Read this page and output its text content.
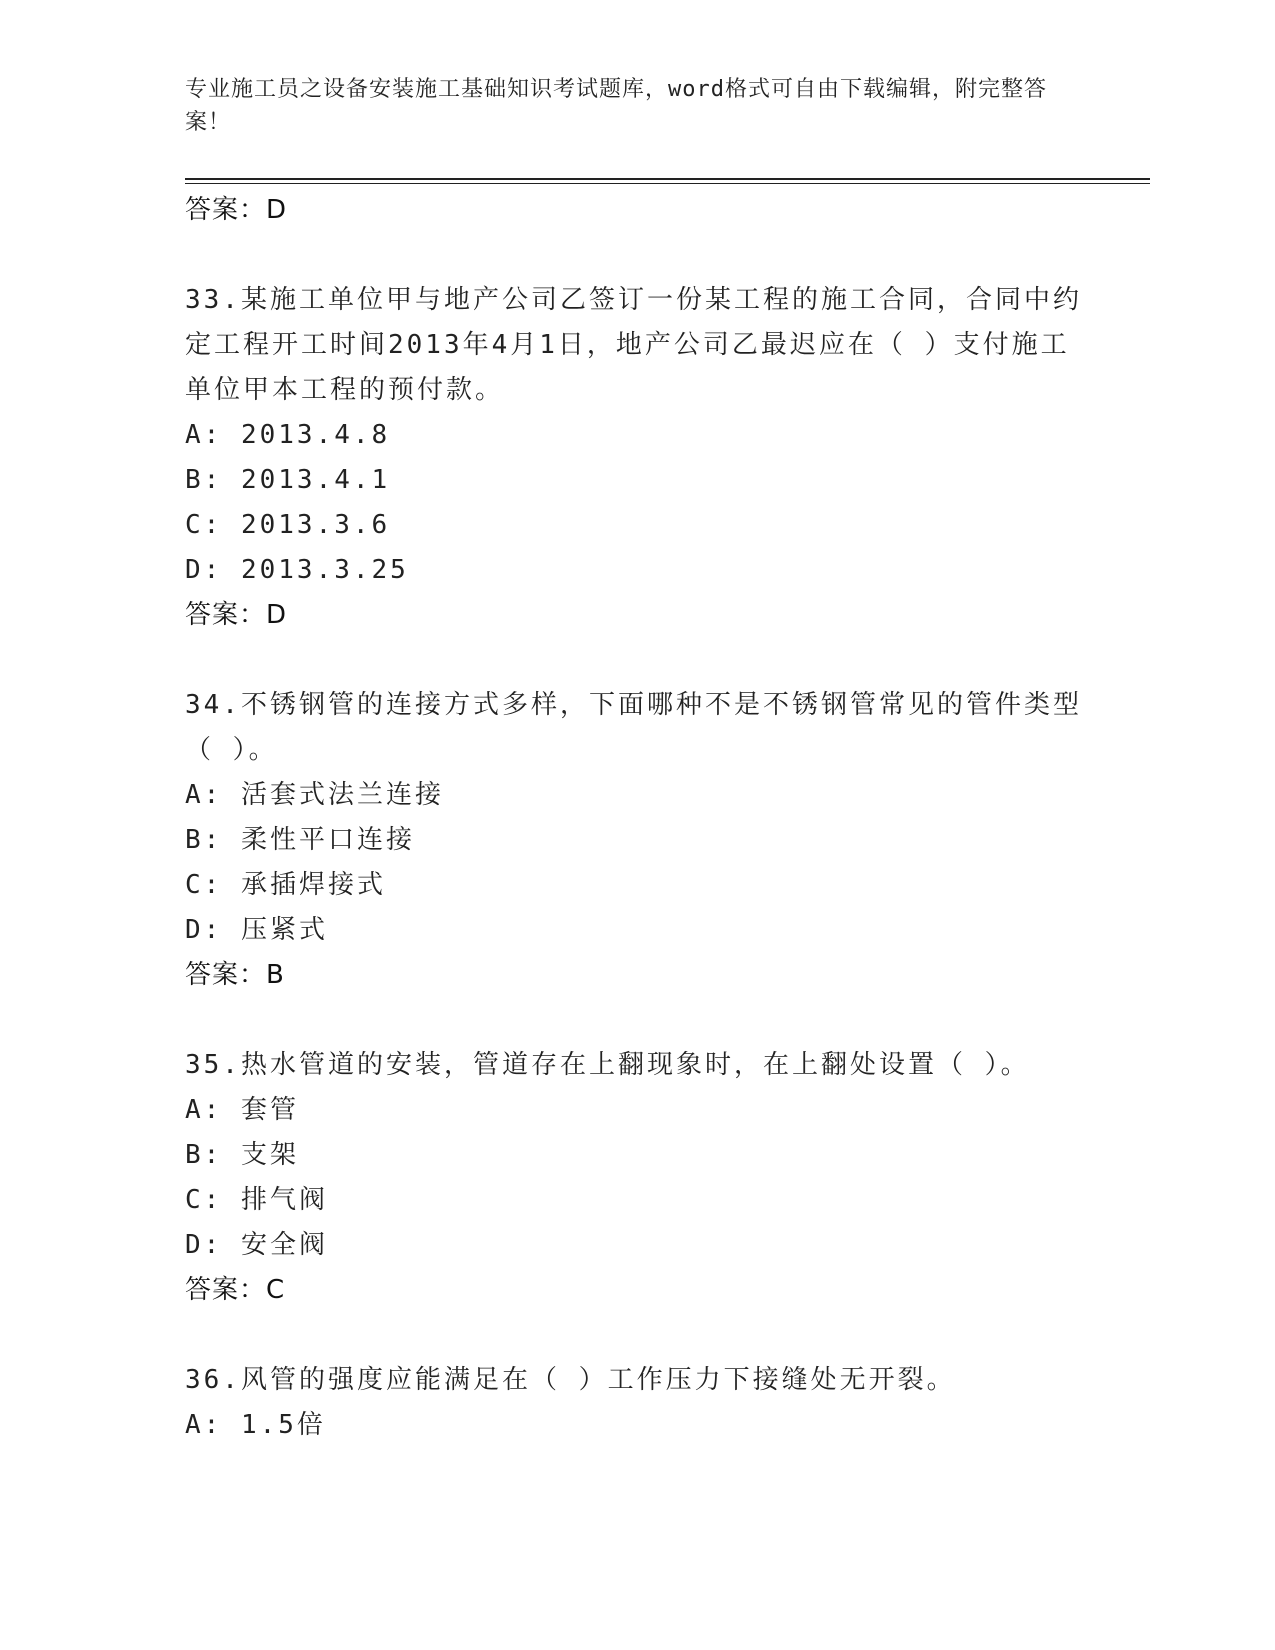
专业施工员之设备安装施工基础知识考试题库，word格式可自由下载编辑，附完整答案！
答案：D
33.某施工单位甲与地产公司乙签订一份某工程的施工合同，合同中约定工程开工时间2013年4月1日，地产公司乙最迟应在（ ）支付施工单位甲本工程的预付款。
A: 2013.4.8
B: 2013.4.1
C: 2013.3.6
D: 2013.3.25
答案：D
34.不锈钢管的连接方式多样，下面哪种不是不锈钢管常见的管件类型（ ）。
A: 活套式法兰连接
B: 柔性平口连接
C: 承插焊接式
D: 压紧式
答案：B
35.热水管道的安装，管道存在上翻现象时，在上翻处设置（ ）。
A: 套管
B: 支架
C: 排气阀
D: 安全阀
答案：C
36.风管的强度应能满足在（ ）工作压力下接缝处无开裂。
A: 1.5倍
